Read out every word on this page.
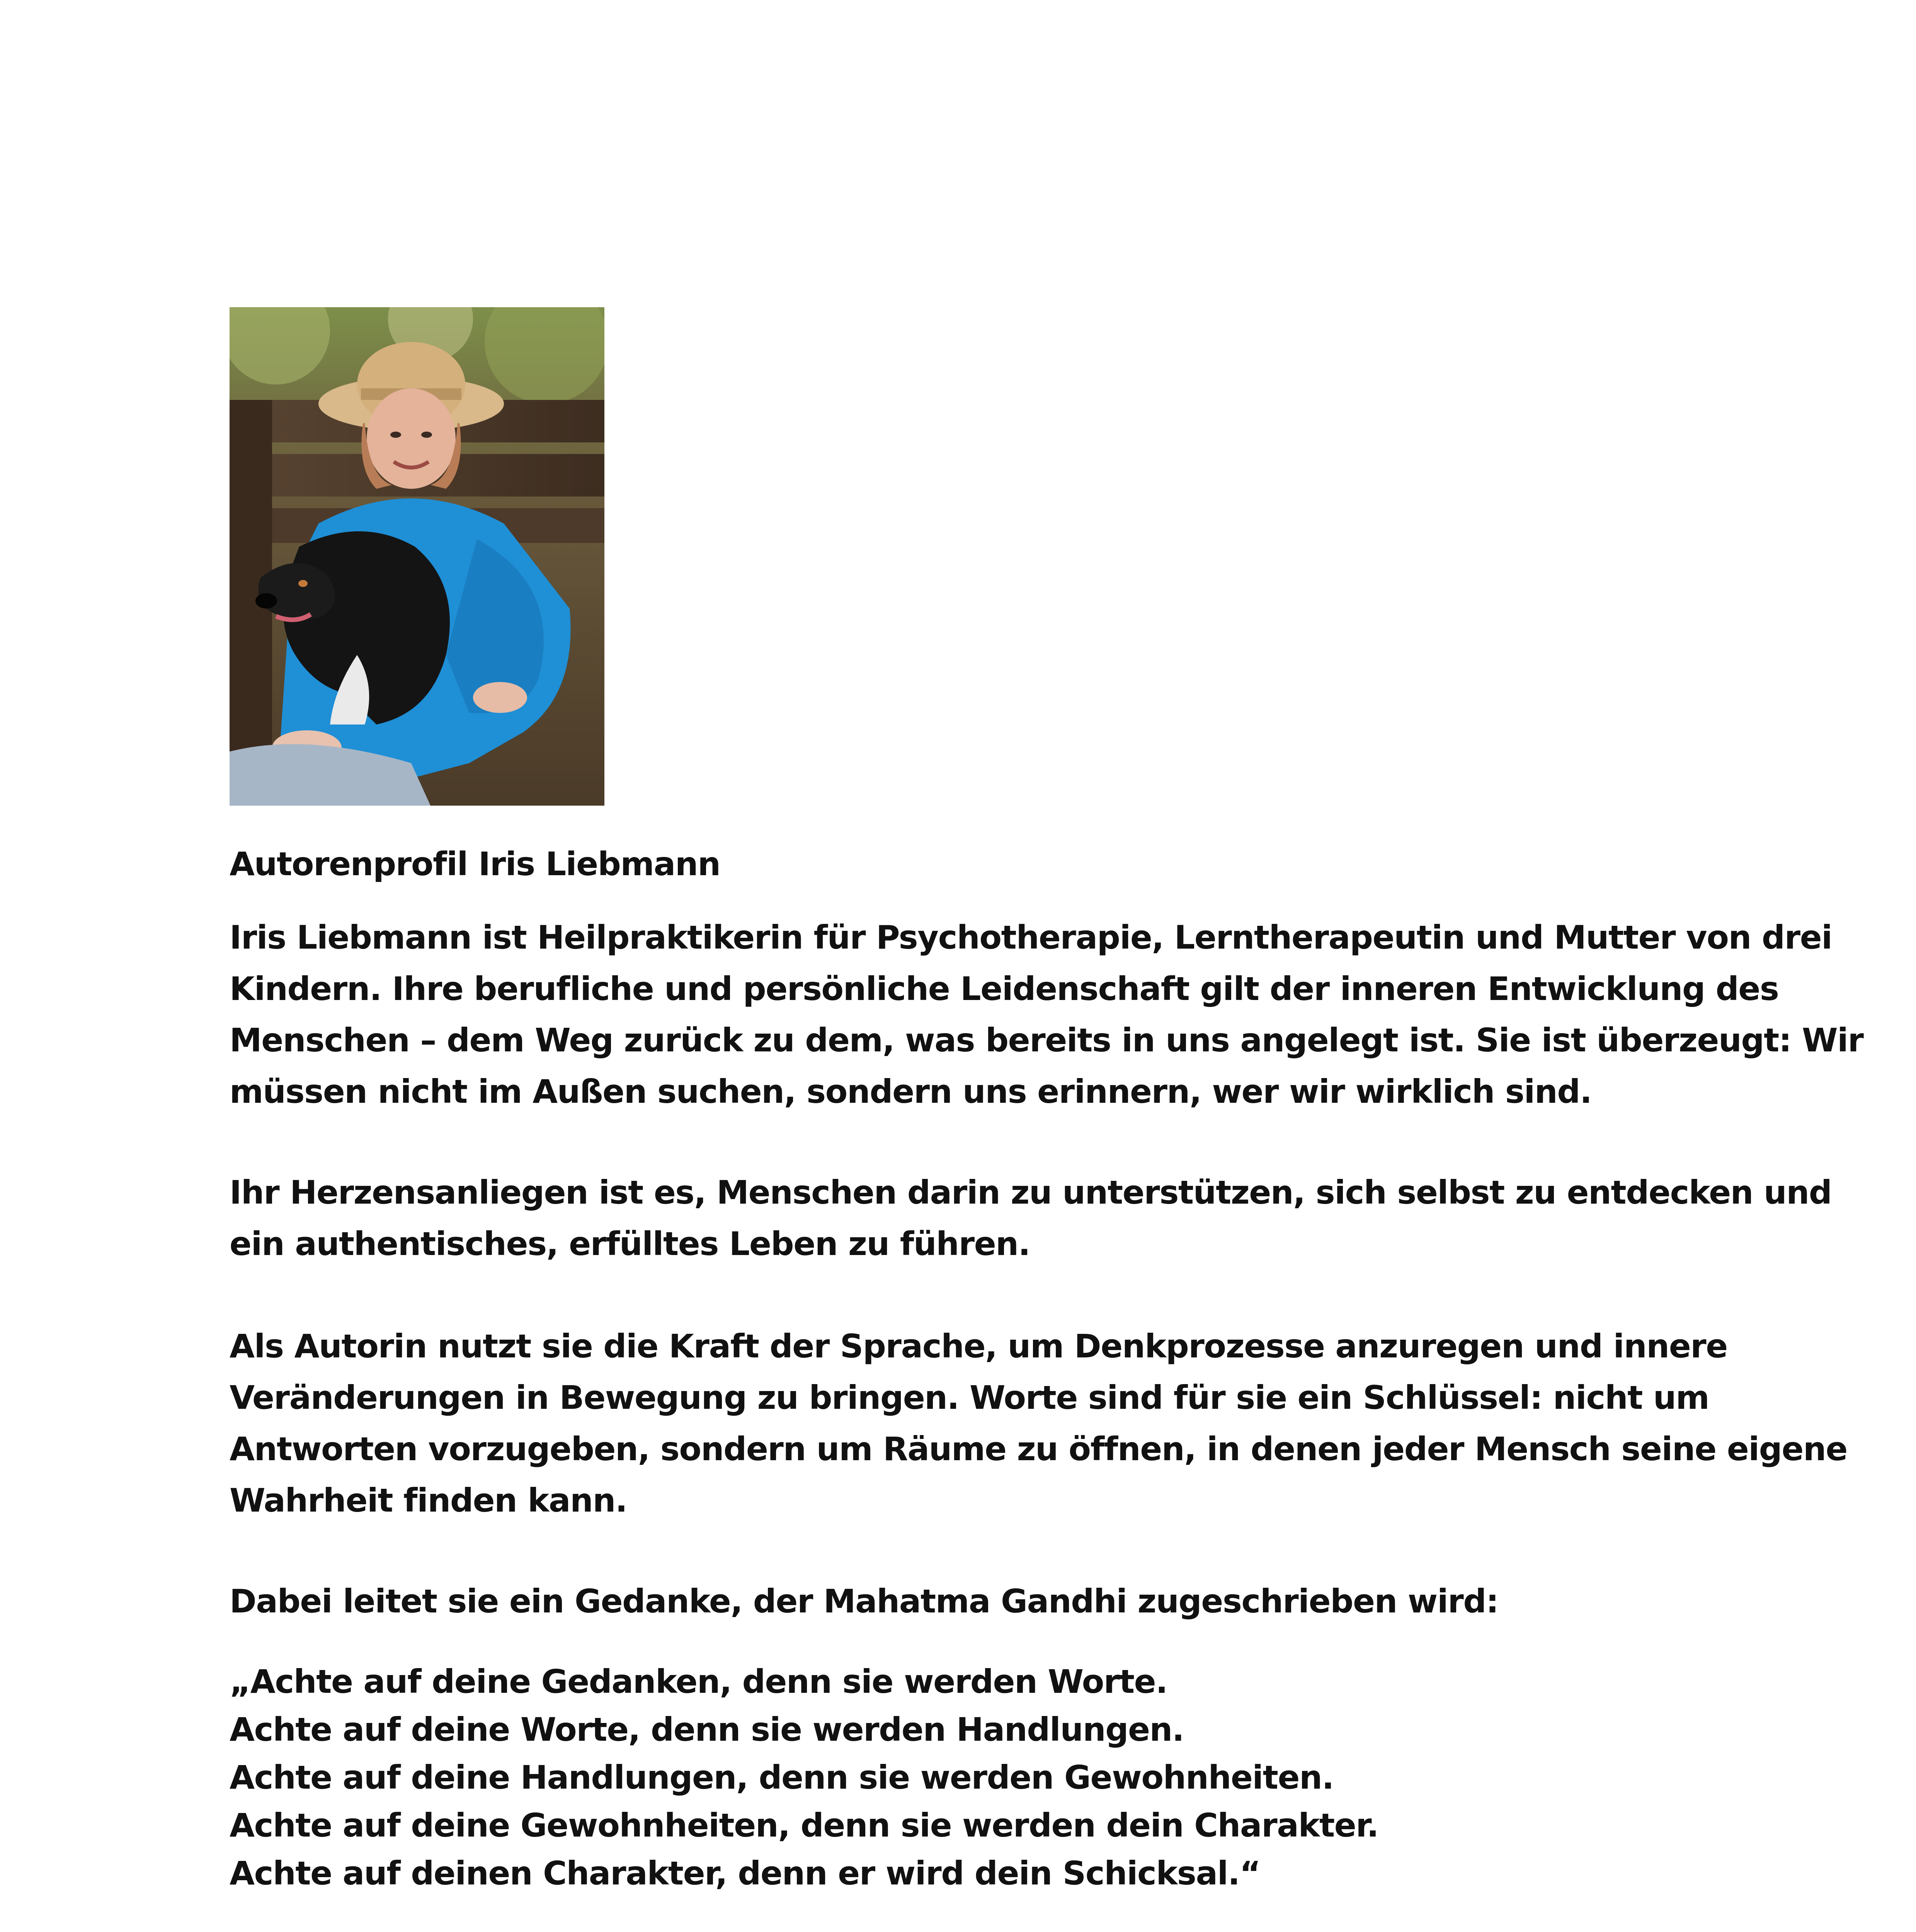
Autorenprofil Iris Liebmann

Iris Liebmann ist Heilpraktikerin für Psychotherapie, Lerntherapeutin und Mutter von drei
Kindern. Ihre berufliche und persönliche Leidenschaft gilt der inneren Entwicklung des
Menschen – dem Weg zurück zu dem, was bereits in uns angelegt ist. Sie ist überzeugt: Wir
müssen nicht im Außen suchen, sondern uns erinnern, wer wir wirklich sind.

Ihr Herzensanliegen ist es, Menschen darin zu unterstützen, sich selbst zu entdecken und
ein authentisches, erfülltes Leben zu führen.

Als Autorin nutzt sie die Kraft der Sprache, um Denkprozesse anzuregen und innere
Veränderungen in Bewegung zu bringen. Worte sind für sie ein Schlüssel: nicht um
Antworten vorzugeben, sondern um Räume zu öffnen, in denen jeder Mensch seine eigene
Wahrheit finden kann.

Dabei leitet sie ein Gedanke, der Mahatma Gandhi zugeschrieben wird:

„Achte auf deine Gedanken, denn sie werden Worte.
Achte auf deine Worte, denn sie werden Handlungen.
Achte auf deine Handlungen, denn sie werden Gewohnheiten.
Achte auf deine Gewohnheiten, denn sie werden dein Charakter.
Achte auf deinen Charakter, denn er wird dein Schicksal.“
